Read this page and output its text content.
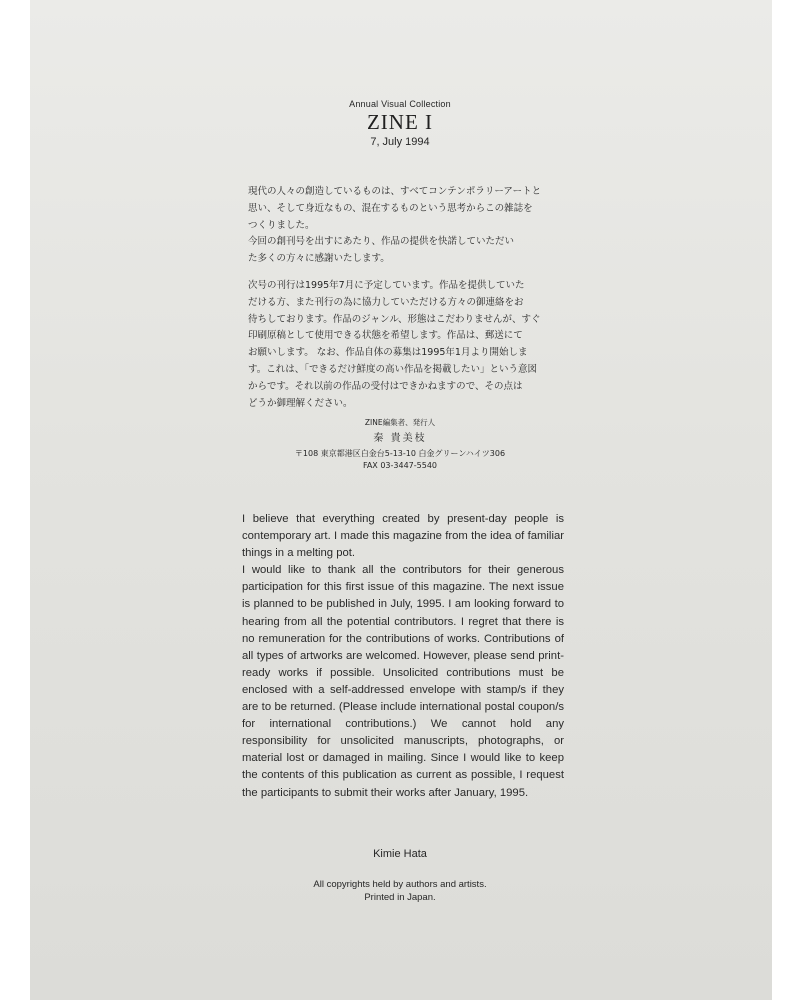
Annual Visual Collection
ZINE I
7, July 1994

現代の人々の創造しているものは、すべてコンテンポラリーアートと
思い、そして身近なもの、混在するものという思考からこの雑誌を
つくりました。
今回の創刊号を出すにあたり、作品の提供を快諾していただい
た多くの方々に感謝いたします。

次号の刊行は1995年7月に予定しています。作品を提供していた
だける方、また刊行の為に協力していただける方々の御連絡をお
待ちしております。作品のジャンル、形態はこだわりませんが、すぐ
印刷原稿として使用できる状態を希望します。作品は、郵送にて
お願いします。 なお、作品自体の募集は1995年1月より開始しま
す。これは、「できるだけ鮮度の高い作品を掲載したい」という意図
からです。それ以前の作品の受付はできかねますので、その点は
どうか御理解ください。

ZINE編集者、発行人
秦 貴美枝
〒108 東京都港区白金台5-13-10 白金グリーンハイツ306
FAX 03-3447-5540

I believe that everything created by present-day people is contemporary art. I made this magazine from the idea of familiar things in a melting pot.

I would like to thank all the contributors for their generous participation for this first issue of this magazine. The next issue is planned to be published in July, 1995. I am looking forward to hearing from all the potential contributors. I regret that there is no remuneration for the contributions of works. Contributions of all types of artworks are welcomed. However, please send print-ready works if possible. Unsolicited contributions must be enclosed with a self-addressed envelope with stamp/s if they are to be returned. (Please include international postal coupon/s for international contributions.) We cannot hold any responsibility for unsolicited manuscripts, photographs, or material lost or damaged in mailing. Since I would like to keep the contents of this publication as current as possible, I request the participants to submit their works after January, 1995.

Kimie Hata
All copyrights held by authors and artists.
Printed in Japan.
